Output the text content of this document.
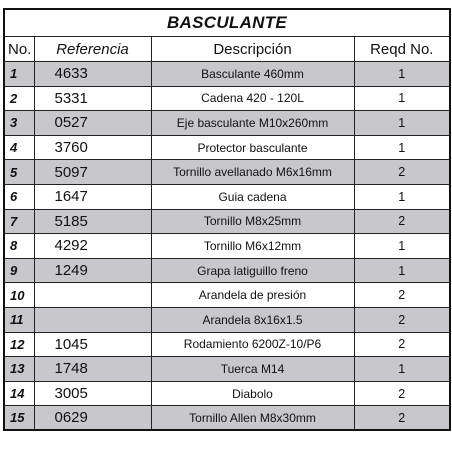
BASCULANTE			
No.	Referencia	Descripción	Reqd No.
1	4633	Basculante 460mm	1
2	5331	Cadena 420 - 120L	1
3	0527	Eje basculante M10x260mm	1
4	3760	Protector basculante	1
5	5097	Tornillo avellanado M6x16mm	2
6	1647	Guia cadena	1
7	5185	Tornillo M8x25mm	2
8	4292	Tornillo M6x12mm	1
9	1249	Grapa latiguillo freno	1
10		Arandela de presión	2
11		Arandela 8x16x1.5	2
12	1045	Rodamiento 6200Z-10/P6	2
13	1748	Tuerca M14	1
14	3005	Diabolo	2
15	0629	Tornillo Allen M8x30mm	2
